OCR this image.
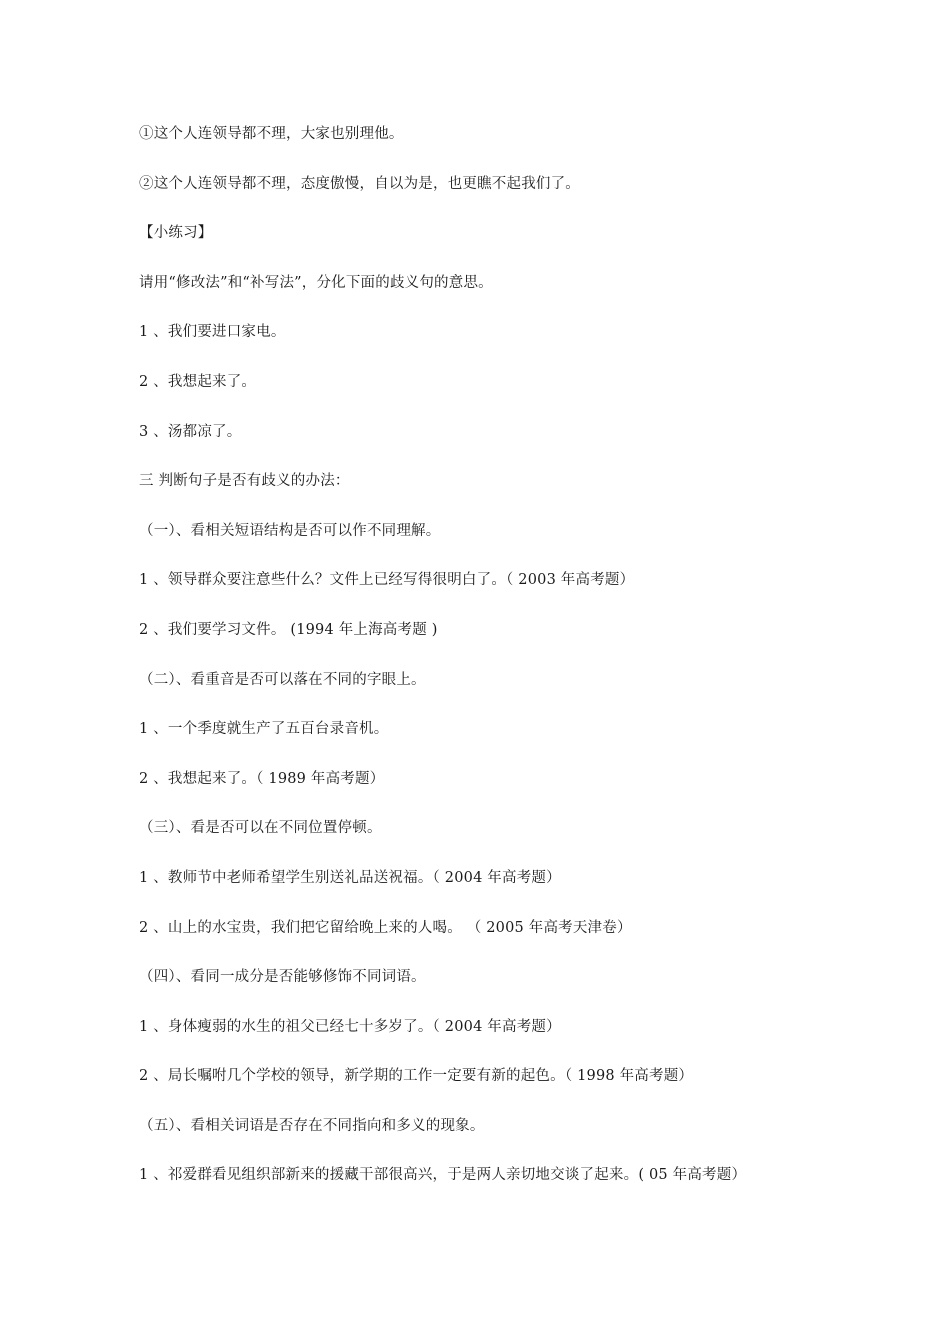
①这个人连领导都不理，大家也别理他。
②这个人连领导都不理，态度傲慢，自以为是，也更瞧不起我们了。
【小练习】
请用“修改法”和“补写法”，分化下面的歧义句的意思。
1 、我们要进口家电。
2 、我想起来了。
3 、汤都凉了。
三 判断句子是否有歧义的办法：
（一）、看相关短语结构是否可以作不同理解。
1 、领导群众要注意些什么？文件上已经写得很明白了。（ 2003 年高考题）
2 、我们要学习文件。 (1994 年上海高考题 )
（二）、看重音是否可以落在不同的字眼上。
1 、一个季度就生产了五百台录音机。
2 、我想起来了。（ 1989 年高考题）
（三）、看是否可以在不同位置停顿。
1 、教师节中老师希望学生别送礼品送祝福。（ 2004 年高考题）
2 、山上的水宝贵，我们把它留给晚上来的人喝。 （ 2005 年高考天津卷）
（四）、看同一成分是否能够修饰不同词语。
1 、身体瘦弱的水生的祖父已经七十多岁了。（ 2004 年高考题）
2 、局长嘱咐几个学校的领导，新学期的工作一定要有新的起色。（ 1998 年高考题）
（五）、看相关词语是否存在不同指向和多义的现象。
1 、祁爱群看见组织部新来的援藏干部很高兴，于是两人亲切地交谈了起来。( 05 年高考题）
